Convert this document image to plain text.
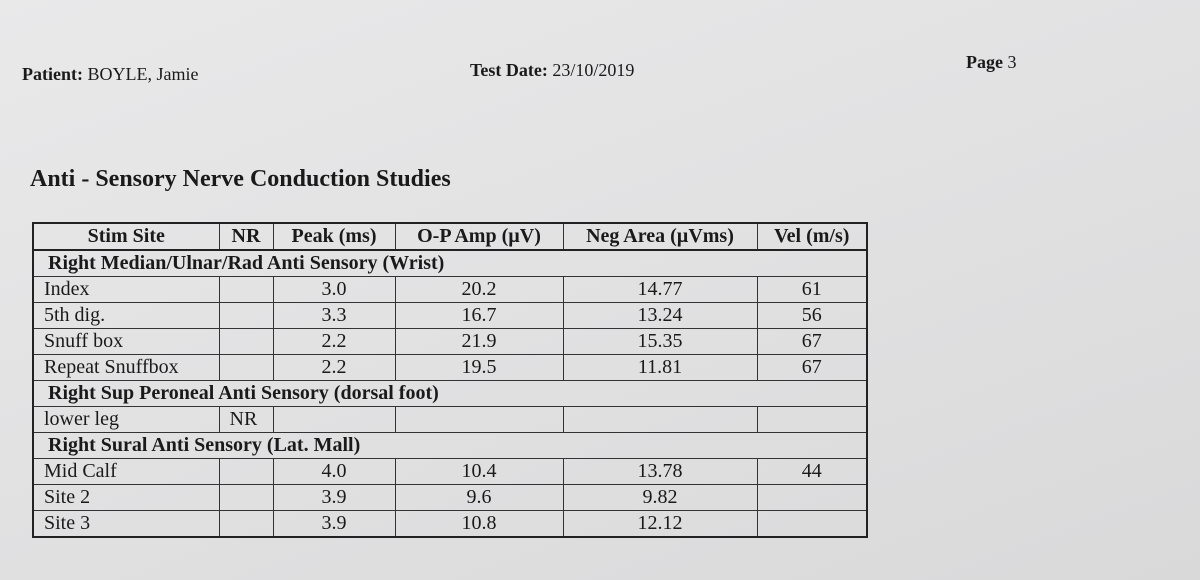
Patient: BOYLE, Jamie	Test Date: 23/10/2019	Page 3
Anti - Sensory Nerve Conduction Studies
Stim Site	NR	Peak (ms)	O-P Amp (µV)	Neg Area (µVms)	Vel (m/s)
Right Median/Ulnar/Rad Anti Sensory (Wrist)					
Index		3.0	20.2	14.77	61
5th dig.		3.3	16.7	13.24	56
Snuff box		2.2	21.9	15.35	67
Repeat Snuffbox		2.2	19.5	11.81	67
Right Sup Peroneal Anti Sensory (dorsal foot)					
lower leg	NR				
Right Sural Anti Sensory (Lat. Mall)					
Mid Calf		4.0	10.4	13.78	44
Site 2		3.9	9.6	9.82	
Site 3		3.9	10.8	12.12	
